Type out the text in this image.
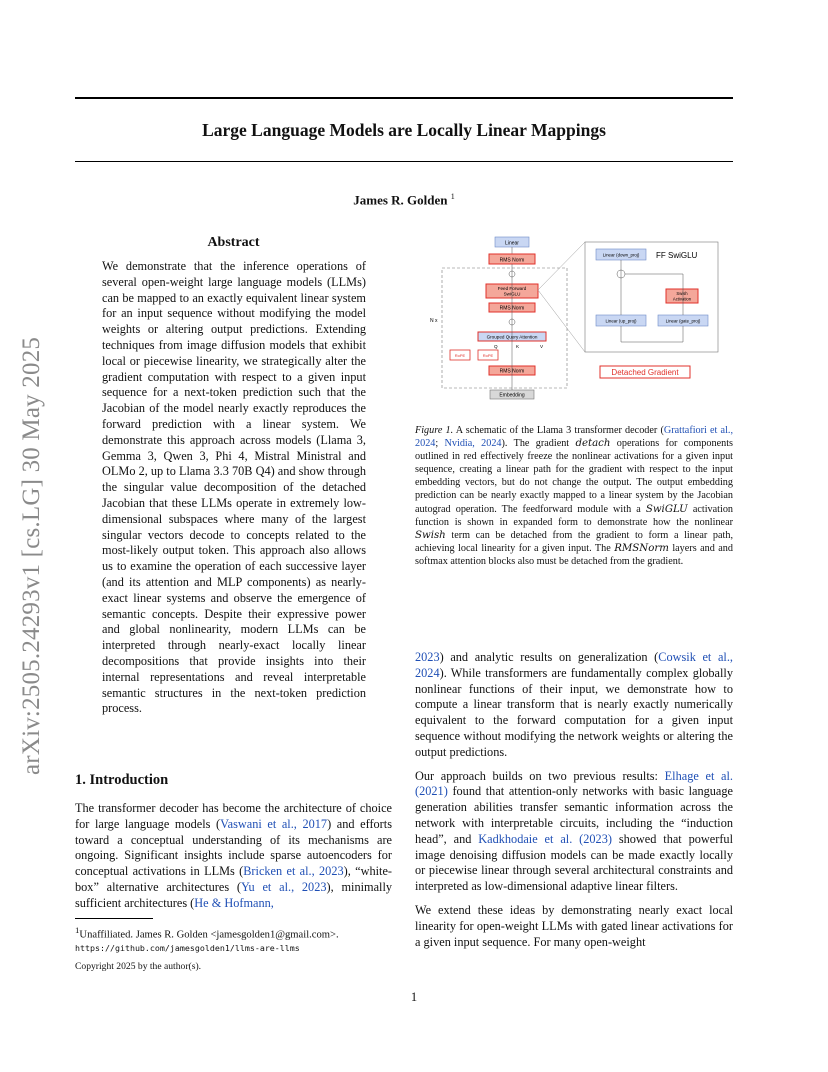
arXiv:2505.24293v1 [cs.LG] 30 May 2025
Large Language Models are Locally Linear Mappings
James R. Golden $^1$
Abstract
We demonstrate that the inference operations of several open-weight large language models (LLMs) can be mapped to an exactly equivalent linear system for an input sequence without modifying the model weights or altering output predictions. Extending techniques from image diffusion models that exhibit local or piecewise linearity, we strategically alter the gradient computation with respect to a given input sequence for a next-token prediction such that the Jacobian of the model nearly exactly reproduces the forward prediction with a linear system. We demonstrate this approach across models (Llama 3, Gemma 3, Qwen 3, Phi 4, Mistral Ministral and OLMo 2, up to Llama 3.3 70B Q4) and show through the singular value decomposition of the detached Jacobian that these LLMs operate in extremely low-dimensional subspaces where many of the largest singular vectors decode to concepts related to the most-likely output token. This approach also allows us to examine the operation of each successive layer (and its attention and MLP components) as nearly-exact linear systems and observe the emergence of semantic concepts. Despite their expressive power and global nonlinearity, modern LLMs can be interpreted through nearly-exact locally linear decompositions that provide insights into their internal representations and reveal interpretable semantic structures in the next-token prediction process.
1. Introduction
The transformer decoder has become the architecture of choice for large language models (Vaswani et al., 2017) and efforts toward a conceptual understanding of its mechanisms are ongoing. Significant insights include sparse autoencoders for conceptual activations in LLMs (Bricken et al., 2023), “white-box” alternative architectures (Yu et al., 2023), minimally sufficient architectures (He & Hofmann,
$^1$Unaffiliated. James R. Golden <jamesgolden1@gmail.com>.
https://github.com/jamesgolden1/llms-are-llms
Copyright 2025 by the author(s).
Linear
RMS Norm
N x
Feed Forward
SwiGLU
RMS Norm
Grouped Query Attention
Q	K	V
RoPE	RoPE
RMS Norm
Embedding
Linear (down_proj) FF SwiGLU
Swish
Activation
Linear (up_proj)	Linear (gate_proj)
Detached Gradient
Figure 1. A schematic of the Llama 3 transformer decoder (Grattafiori et al., 2024; Nvidia, 2024). The gradient detach operations for components outlined in red effectively freeze the nonlinear activations for a given input sequence, creating a linear path for the gradient with respect to the input embedding vectors, but do not change the output. The output embedding prediction can be nearly exactly mapped to a linear system by the Jacobian autograd operation. The feedforward module with a SwiGLU activation function is shown in expanded form to demonstrate how the nonlinear Swish term can be detached from the gradient to form a linear path, achieving local linearity for a given input. The RMSNorm layers and and softmax attention blocks also must be detached from the gradient.

2023) and analytic results on generalization (Cowsik et al., 2024). While transformers are fundamentally complex globally nonlinear functions of their input, we demonstrate how to compute a linear transform that is nearly exactly numerically equivalent to the forward computation for a given input sequence without modifying the network weights or altering the output predictions.

Our approach builds on two previous results: Elhage et al. (2021) found that attention-only networks with basic language generation abilities transfer semantic information across the network with interpretable circuits, including the “induction head”, and Kadkhodaie et al. (2023) showed that powerful image denoising diffusion models can be made exactly locally or piecewise linear through several architectural constraints and interpreted as low-dimensional adaptive linear filters.

We extend these ideas by demonstrating nearly exact local linearity for open-weight LLMs with gated linear activations for a given input sequence. For many open-weight

1
